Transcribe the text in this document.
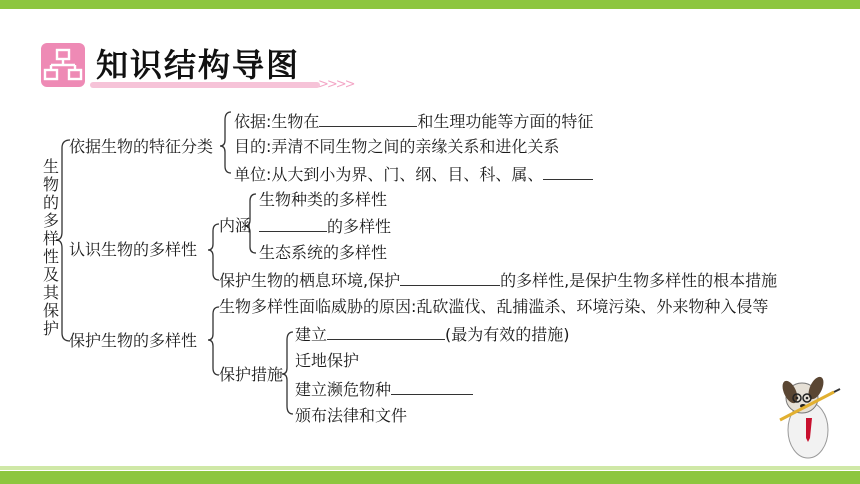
知识结构导图
>>>>
生物的多样性及其保护
依据生物的特征分类
依据:生物在	和生理功能等方面的特征
目的:弄清不同生物之间的亲缘关系和进化关系
单位:从大到小为界、门、纲、目、科、属、
认识生物的多样性
内涵
生物种类的多样性
的多样性
生态系统的多样性
保护生物的栖息环境,保护	的多样性,是保护生物多样性的根本措施
保护生物的多样性
生物多样性面临威胁的原因:乱砍滥伐、乱捕滥杀、环境污染、外来物种入侵等
保护措施
建立	(最为有效的措施)
迁地保护
建立濒危物种
颁布法律和文件
